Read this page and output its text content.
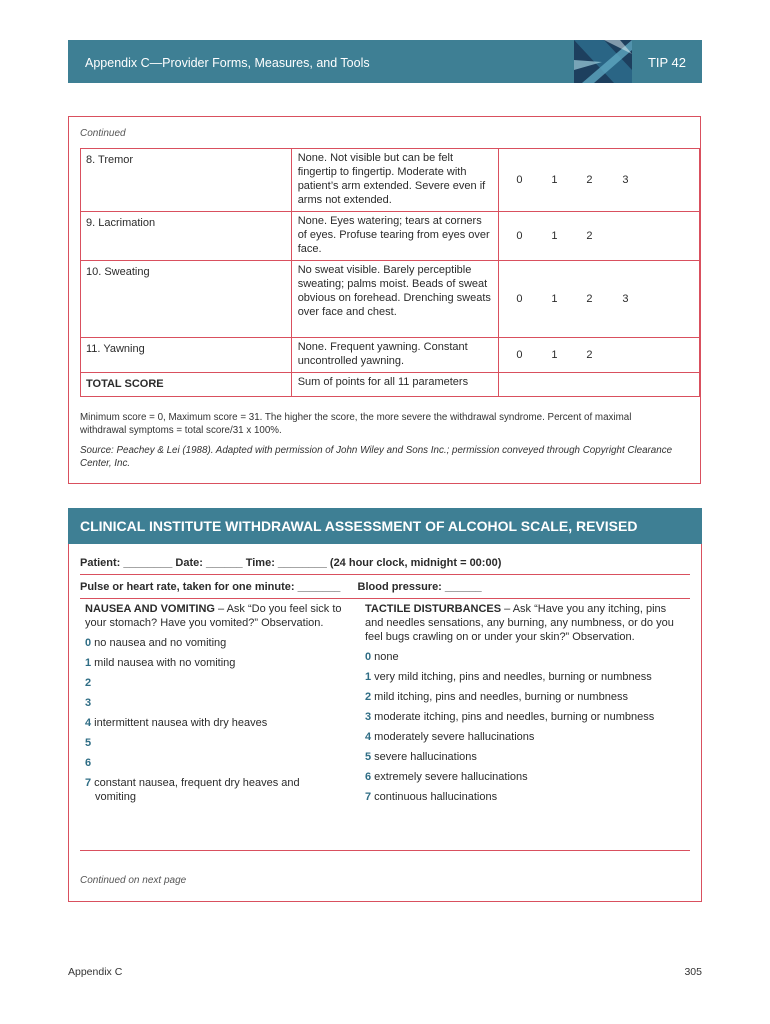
Appendix C—Provider Forms, Measures, and Tools	TIP 42
Continued
8. Tremor	None. Not visible but can be felt fingertip to fingertip. Moderate with patient’s arm extended. Severe even if arms not extended.	0 1 2 3

9. Lacrimation	None. Eyes watering; tears at corners of eyes. Profuse tearing from eyes over face.	0 1 2

10. Sweating	No sweat visible. Barely perceptible sweating; palms moist. Beads of sweat obvious on forehead. Drenching sweats over face and chest.	0 1 2 3

11. Yawning	None. Frequent yawning. Constant uncontrolled yawning.	0 1 2

TOTAL SCORE	Sum of points for all 11 parameters	
Minimum score = 0, Maximum score = 31. The higher the score, the more severe the withdrawal syndrome. Percent of maximal withdrawal symptoms = total score/31 x 100%.
Source: Peachey & Lei (1988). Adapted with permission of John Wiley and Sons Inc.; permission conveyed through Copyright Clearance Center, Inc.
CLINICAL INSTITUTE WITHDRAWAL ASSESSMENT OF ALCOHOL SCALE, REVISED
Patient: ________ Date: ______ Time: ________ (24 hour clock, midnight = 00:00)
Pulse or heart rate, taken for one minute: _______ Blood pressure: ______
NAUSEA AND VOMITING – Ask “Do you feel sick to your stomach? Have you vomited?” Observation.
0 no nausea and no vomiting
1 mild nausea with no vomiting
2
3
4 intermittent nausea with dry heaves
5
6
7 constant nausea, frequent dry heaves and vomiting
TACTILE DISTURBANCES – Ask “Have you any itching, pins and needles sensations, any burning, any numbness, or do you feel bugs crawling on or under your skin?” Observation.
0 none
1 very mild itching, pins and needles, burning or numbness
2 mild itching, pins and needles, burning or numbness
3 moderate itching, pins and needles, burning or numbness
4 moderately severe hallucinations
5 severe hallucinations
6 extremely severe hallucinations
7 continuous hallucinations
Continued on next page
Appendix C	305
